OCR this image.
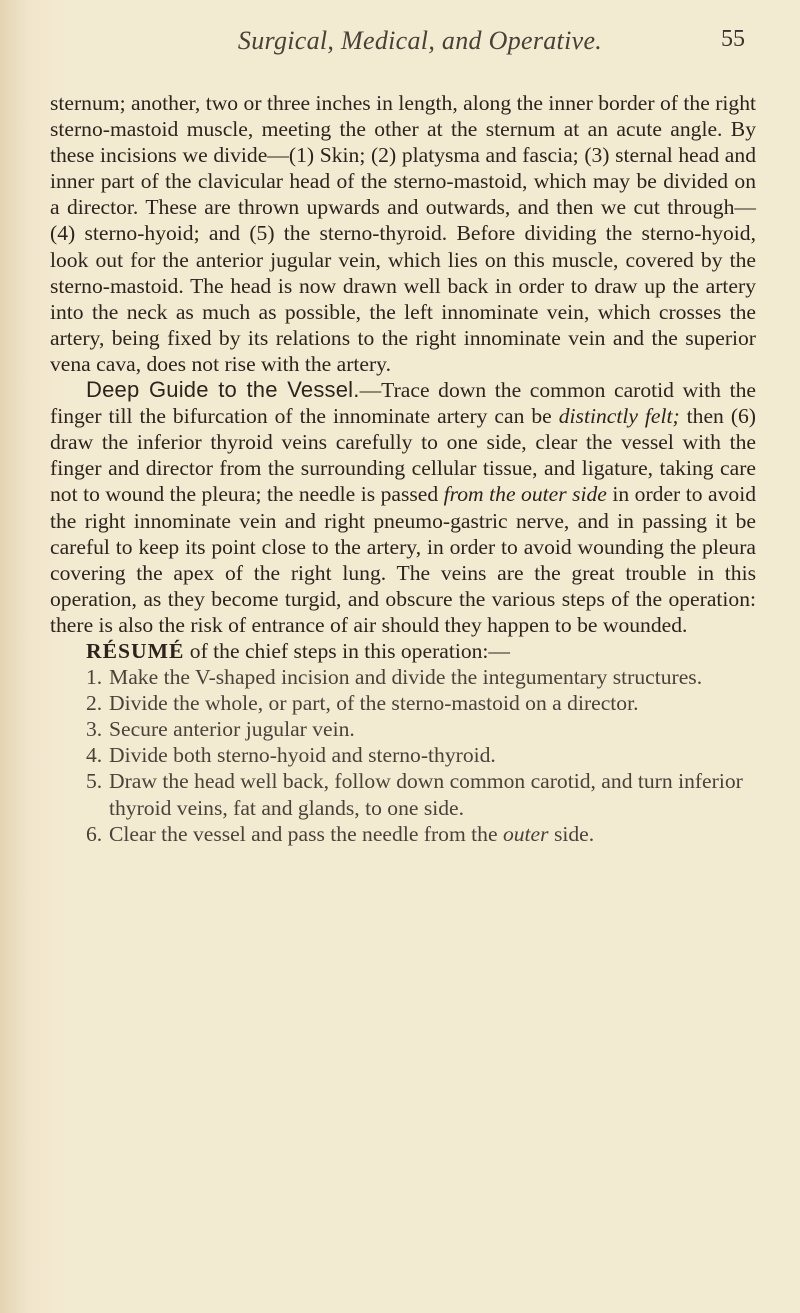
Surgical, Medical, and Operative.	55

sternum; another, two or three inches in length, along the inner border of the right sterno-mastoid muscle, meeting the other at the sternum at an acute angle. By these incisions we divide—(1) Skin; (2) platysma and fascia; (3) sternal head and inner part of the clavicular head of the sterno-mastoid, which may be divided on a director. These are thrown upwards and outwards, and then we cut through—(4) sterno-hyoid; and (5) the sterno-thyroid. Before dividing the sterno-hyoid, look out for the anterior jugular vein, which lies on this muscle, covered by the sterno-mastoid. The head is now drawn well back in order to draw up the artery into the neck as much as possible, the left innominate vein, which crosses the artery, being fixed by its relations to the right innominate vein and the superior vena cava, does not rise with the artery.

Deep Guide to the Vessel.—Trace down the common carotid with the finger till the bifurcation of the innominate artery can be distinctly felt; then (6) draw the inferior thyroid veins carefully to one side, clear the vessel with the finger and director from the surrounding cellular tissue, and ligature, taking care not to wound the pleura; the needle is passed from the outer side in order to avoid the right innominate vein and right pneumo-gastric nerve, and in passing it be careful to keep its point close to the artery, in order to avoid wounding the pleura covering the apex of the right lung. The veins are the great trouble in this operation, as they become turgid, and obscure the various steps of the operation: there is also the risk of entrance of air should they happen to be wounded.

RÉSUMÉ of the chief steps in this operation:—

1. Make the V-shaped incision and divide the integumentary structures.
2. Divide the whole, or part, of the sterno-mastoid on a director.
3. Secure anterior jugular vein.
4. Divide both sterno-hyoid and sterno-thyroid.
5. Draw the head well back, follow down common carotid, and turn inferior thyroid veins, fat and glands, to one side.
6. Clear the vessel and pass the needle from the outer side.
